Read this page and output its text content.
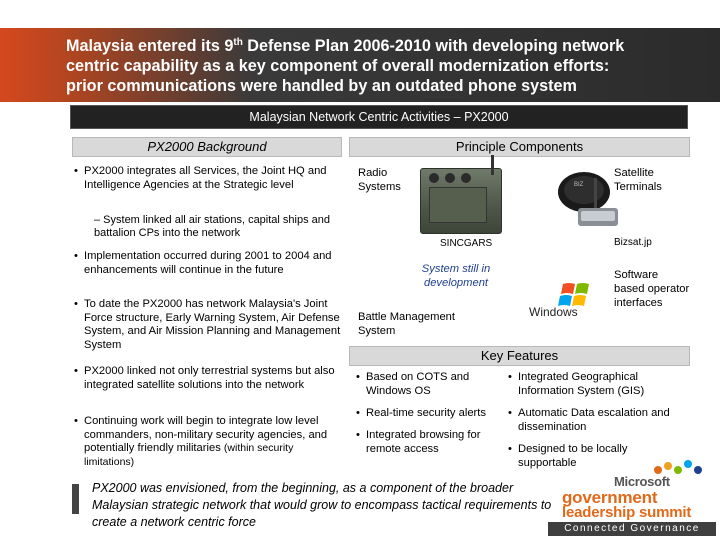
Malaysia entered its 9th Defense Plan 2006-2010 with developing network
centric capability as a key component of overall modernization efforts:
prior communications were handled by an outdated phone system
Malaysian Network Centric Activities – PX2000
PX2000 Background
• PX2000 integrates all Services, the Joint HQ and Intelligence Agencies at the Strategic level
• Implementation occurred during 2001 to 2004 and enhancements will continue in the future
• To date the PX2000 has network Malaysia's Joint Force structure, Early Warning System, Air Defense System, and Air Mission Planning and Management System
• PX2000 linked not only terrestrial systems but also integrated satellite solutions into the network
• Continuing work will begin to integrate low level commanders, non-military security agencies, and potentially friendly militaries (within security limitations)
– System linked all air stations, capital ships and battalion CPs into the network
Principle Components
Radio Systems
SINCGARS
BIZ
Satellite Terminals
Bizsat.jp
System still in development
Windows
Software based operator interfaces
Battle Management System
Key Features
• Based on COTS and Windows OS
• Integrated Geographical Information System (GIS)
• Real-time security alerts	• Automatic Data escalation and dissemination
• Integrated browsing for remote access	• Designed to be locally supportable
PX2000 was envisioned, from the beginning, as a component of the broader Malaysian strategic network that would grow to encompass tactical requirements to create a network centric force
Microsoft
government
leadership summit
Connected Governance
